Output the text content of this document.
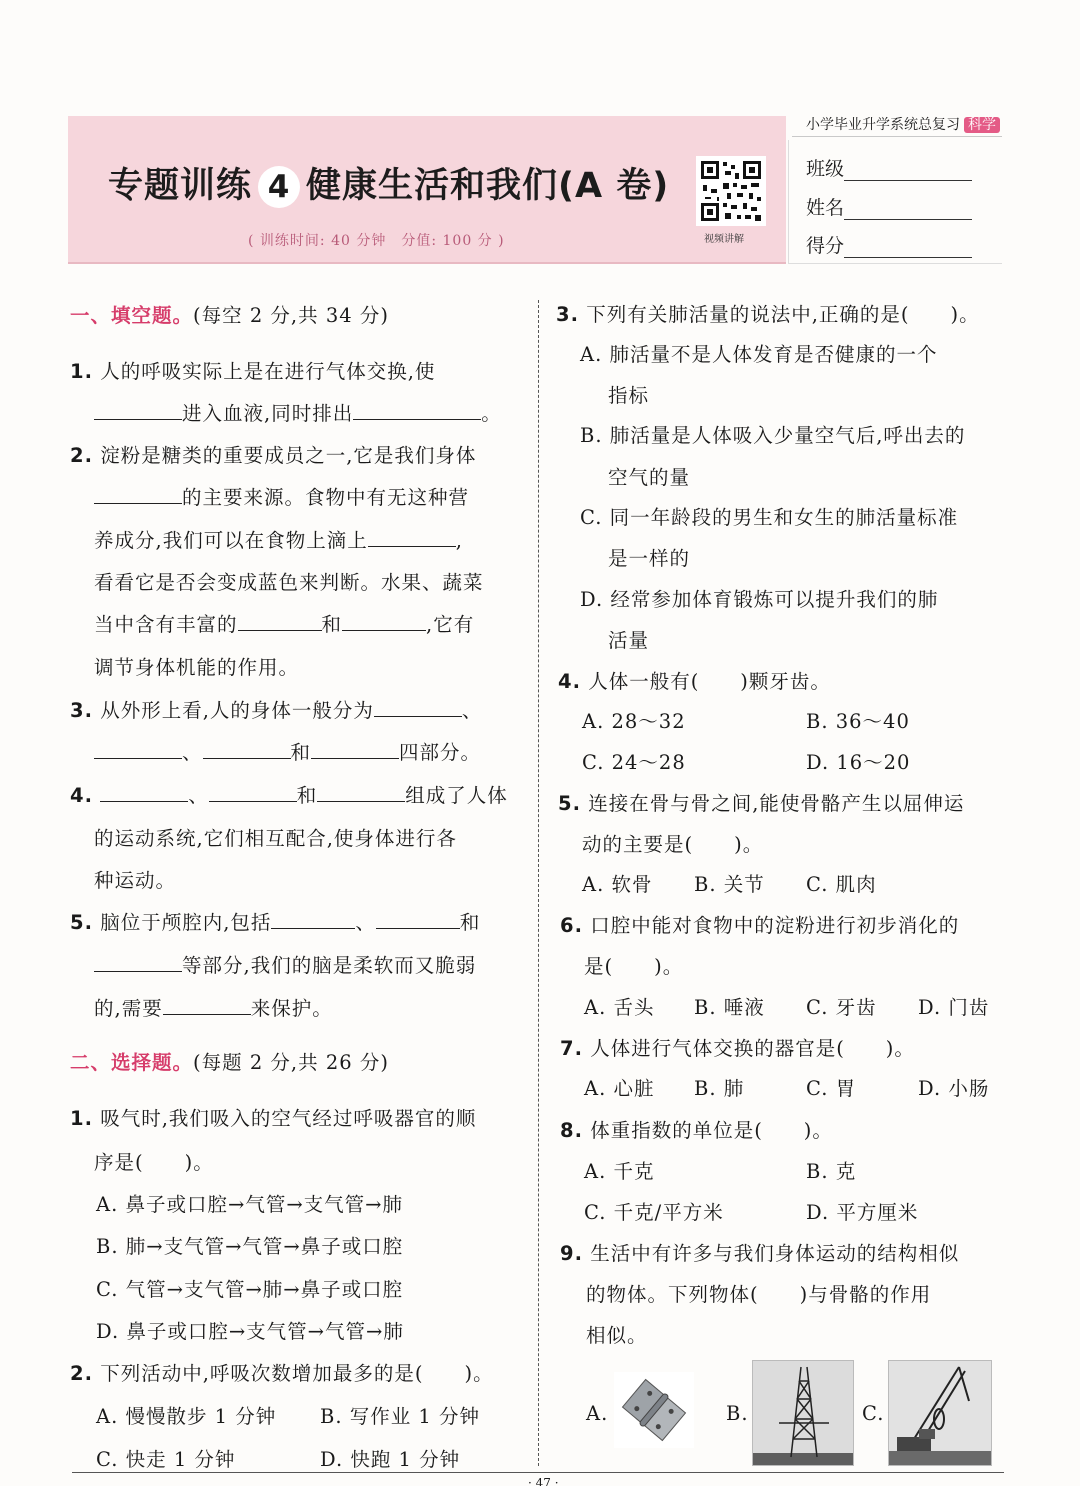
专题训练 4 健康生活和我们(A 卷)
( 训练时间: 40 分钟　分值: 100 分 )	视频讲解
小学毕业升学系统总复习 科学
班级
姓名
得分
一、填空题。(每空 2 分,共 34 分)
1. 人的呼吸实际上是在进行气体交换,使
进入血液,同时排出	。
2. 淀粉是糖类的重要成员之一,它是我们身体
的主要来源。食物中有无这种营
养成分,我们可以在食物上滴上	,
看看它是否会变成蓝色来判断。水果、蔬菜
当中含有丰富的	和	,它有
调节身体机能的作用。
3. 从外形上看,人的身体一般分为	、
、	和	四部分。
4.	、	和	组成了人体
的运动系统,它们相互配合,使身体进行各
种运动。
5. 脑位于颅腔内,包括	、	和
等部分,我们的脑是柔软而又脆弱
的,需要	来保护。
二、选择题。(每题 2 分,共 26 分)
1. 吸气时,我们吸入的空气经过呼吸器官的顺
序是(　　)。
A. 鼻子或口腔→气管→支气管→肺
B. 肺→支气管→气管→鼻子或口腔
C. 气管→支气管→肺→鼻子或口腔
D. 鼻子或口腔→支气管→气管→肺
2. 下列活动中,呼吸次数增加最多的是(　　)。
A. 慢慢散步 1 分钟 B. 写作业 1 分钟
C. 快走 1 分钟	D. 快跑 1 分钟
3. 下列有关肺活量的说法中,正确的是(　　)。
A. 肺活量不是人体发育是否健康的一个
指标
B. 肺活量是人体吸入少量空气后,呼出去的
空气的量
C. 同一年龄段的男生和女生的肺活量标准
是一样的
D. 经常参加体育锻炼可以提升我们的肺
活量
4. 人体一般有(　　)颗牙齿。
A. 28～32	B. 36～40
C. 24～28	D. 16～20
5. 连接在骨与骨之间,能使骨骼产生以屈伸运
动的主要是(　　)。
A. 软骨 B. 关节 C. 肌肉
6. 口腔中能对食物中的淀粉进行初步消化的
是(　　)。
A. 舌头 B. 唾液 C. 牙齿 D. 门齿
7. 人体进行气体交换的器官是(　　)。
A. 心脏 B. 肺	C. 胃	D. 小肠
8. 体重指数的单位是(　　)。
A. 千克	B. 克
C. 千克/平方米	D. 平方厘米
9. 生活中有许多与我们身体运动的结构相似
的物体。下列物体(　　)与骨骼的作用
相似。
A.	B.	C.
· 47 ·
